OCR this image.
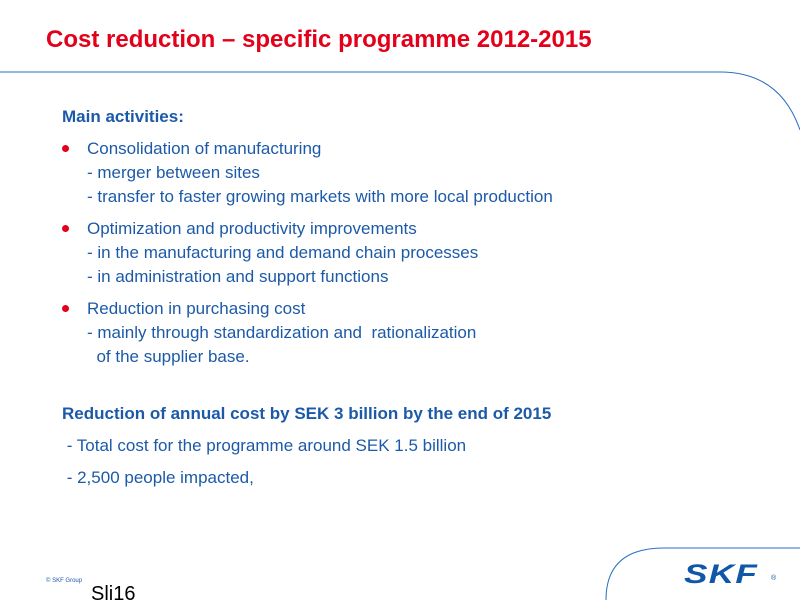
Cost reduction – specific programme 2012-2015
Main activities:
Consolidation of manufacturing
- merger between sites
- transfer to faster growing markets with more local production
Optimization and productivity improvements
- in the manufacturing and demand chain processes
- in administration and support functions
Reduction in purchasing cost
- mainly through standardization and  rationalization
of the supplier base.
Reduction of annual cost by SEK 3 billion by the end of 2015
- Total cost for the programme around SEK 1.5 billion
- 2,500 people impacted,
© SKF Group
Sli16
SKF ®
